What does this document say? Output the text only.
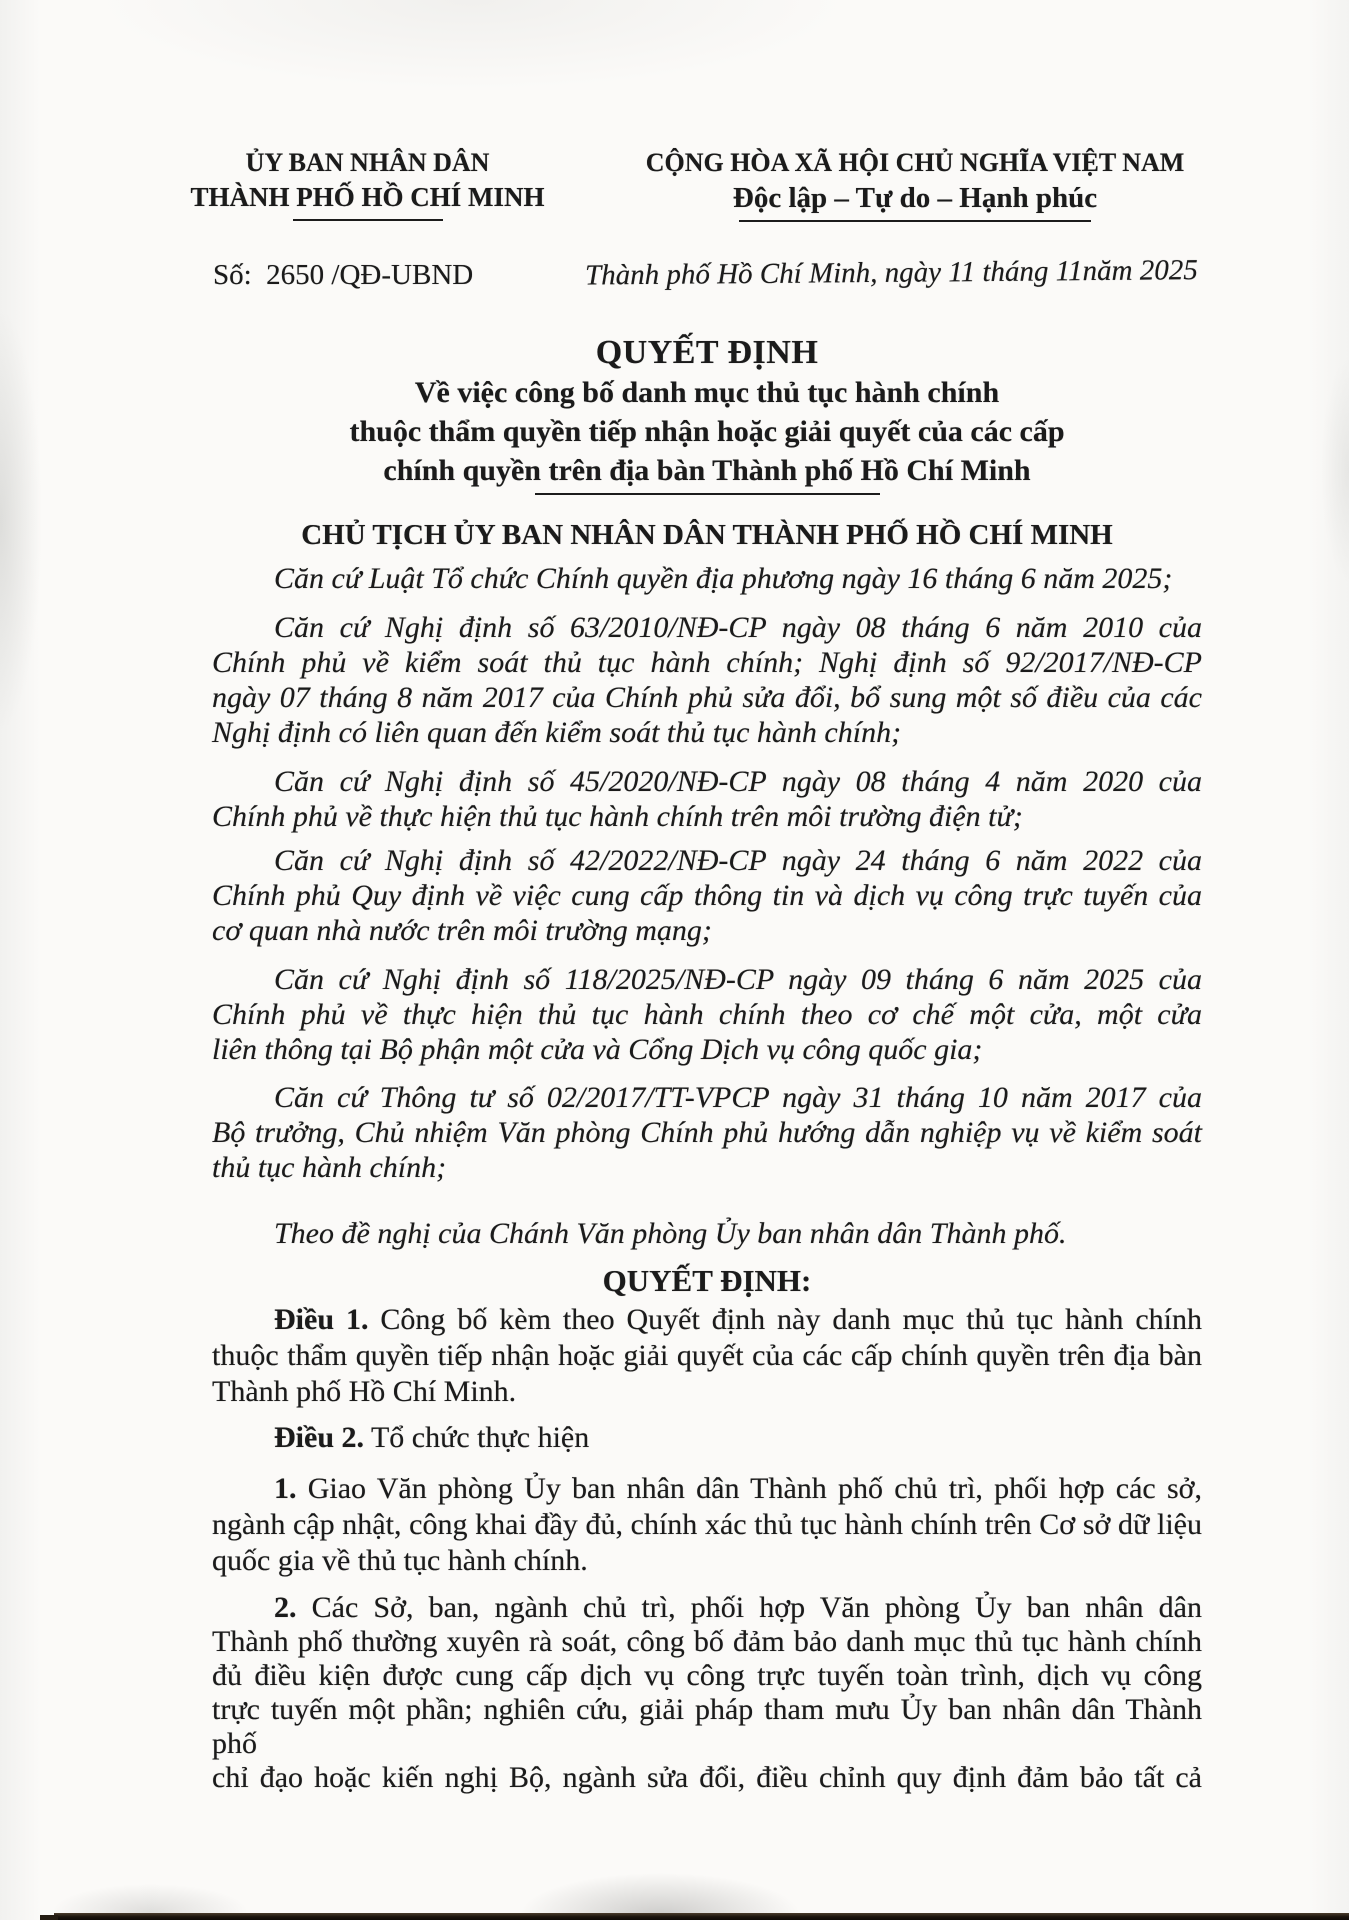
ỦY BAN NHÂN DÂN
THÀNH PHỐ HỒ CHÍ MINH
CỘNG HÒA XÃ HỘI CHỦ NGHĨA VIỆT NAM
Độc lập – Tự do – Hạnh phúc
Số:  2650 /QĐ-UBND	Thành phố Hồ Chí Minh, ngày 11 tháng 11năm 2025
QUYẾT ĐỊNH
Về việc công bố danh mục thủ tục hành chính
thuộc thẩm quyền tiếp nhận hoặc giải quyết của các cấp
chính quyền trên địa bàn Thành phố Hồ Chí Minh
CHỦ TỊCH ỦY BAN NHÂN DÂN THÀNH PHỐ HỒ CHÍ MINH

Căn cứ Luật Tổ chức Chính quyền địa phương ngày 16 tháng 6 năm 2025;

Căn cứ Nghị định số 63/2010/NĐ-CP ngày 08 tháng 6 năm 2010 của
Chính phủ về kiểm soát thủ tục hành chính; Nghị định số 92/2017/NĐ-CP
ngày 07 tháng 8 năm 2017 của Chính phủ sửa đổi, bổ sung một số điều của các
Nghị định có liên quan đến kiểm soát thủ tục hành chính;

Căn cứ Nghị định số 45/2020/NĐ-CP ngày 08 tháng 4 năm 2020 của
Chính phủ về thực hiện thủ tục hành chính trên môi trường điện tử;

Căn cứ Nghị định số 42/2022/NĐ-CP ngày 24 tháng 6 năm 2022 của
Chính phủ Quy định về việc cung cấp thông tin và dịch vụ công trực tuyến của
cơ quan nhà nước trên môi trường mạng;

Căn cứ Nghị định số 118/2025/NĐ-CP ngày 09 tháng 6 năm 2025 của
Chính phủ về thực hiện thủ tục hành chính theo cơ chế một cửa, một cửa
liên thông tại Bộ phận một cửa và Cổng Dịch vụ công quốc gia;

Căn cứ Thông tư số 02/2017/TT-VPCP ngày 31 tháng 10 năm 2017 của
Bộ trưởng, Chủ nhiệm Văn phòng Chính phủ hướng dẫn nghiệp vụ về kiểm soát
thủ tục hành chính;

Theo đề nghị của Chánh Văn phòng Ủy ban nhân dân Thành phố.

QUYẾT ĐỊNH:

Điều 1. Công bố kèm theo Quyết định này danh mục thủ tục hành chính
thuộc thẩm quyền tiếp nhận hoặc giải quyết của các cấp chính quyền trên địa bàn
Thành phố Hồ Chí Minh.

Điều 2. Tổ chức thực hiện

1. Giao Văn phòng Ủy ban nhân dân Thành phố chủ trì, phối hợp các sở,
ngành cập nhật, công khai đầy đủ, chính xác thủ tục hành chính trên Cơ sở dữ liệu
quốc gia về thủ tục hành chính.

2. Các Sở, ban, ngành chủ trì, phối hợp Văn phòng Ủy ban nhân dân
Thành phố thường xuyên rà soát, công bố đảm bảo danh mục thủ tục hành chính
đủ điều kiện được cung cấp dịch vụ công trực tuyến toàn trình, dịch vụ công
trực tuyến một phần; nghiên cứu, giải pháp tham mưu Ủy ban nhân dân Thành phố
chỉ đạo hoặc kiến nghị Bộ, ngành sửa đổi, điều chỉnh quy định đảm bảo tất cả
